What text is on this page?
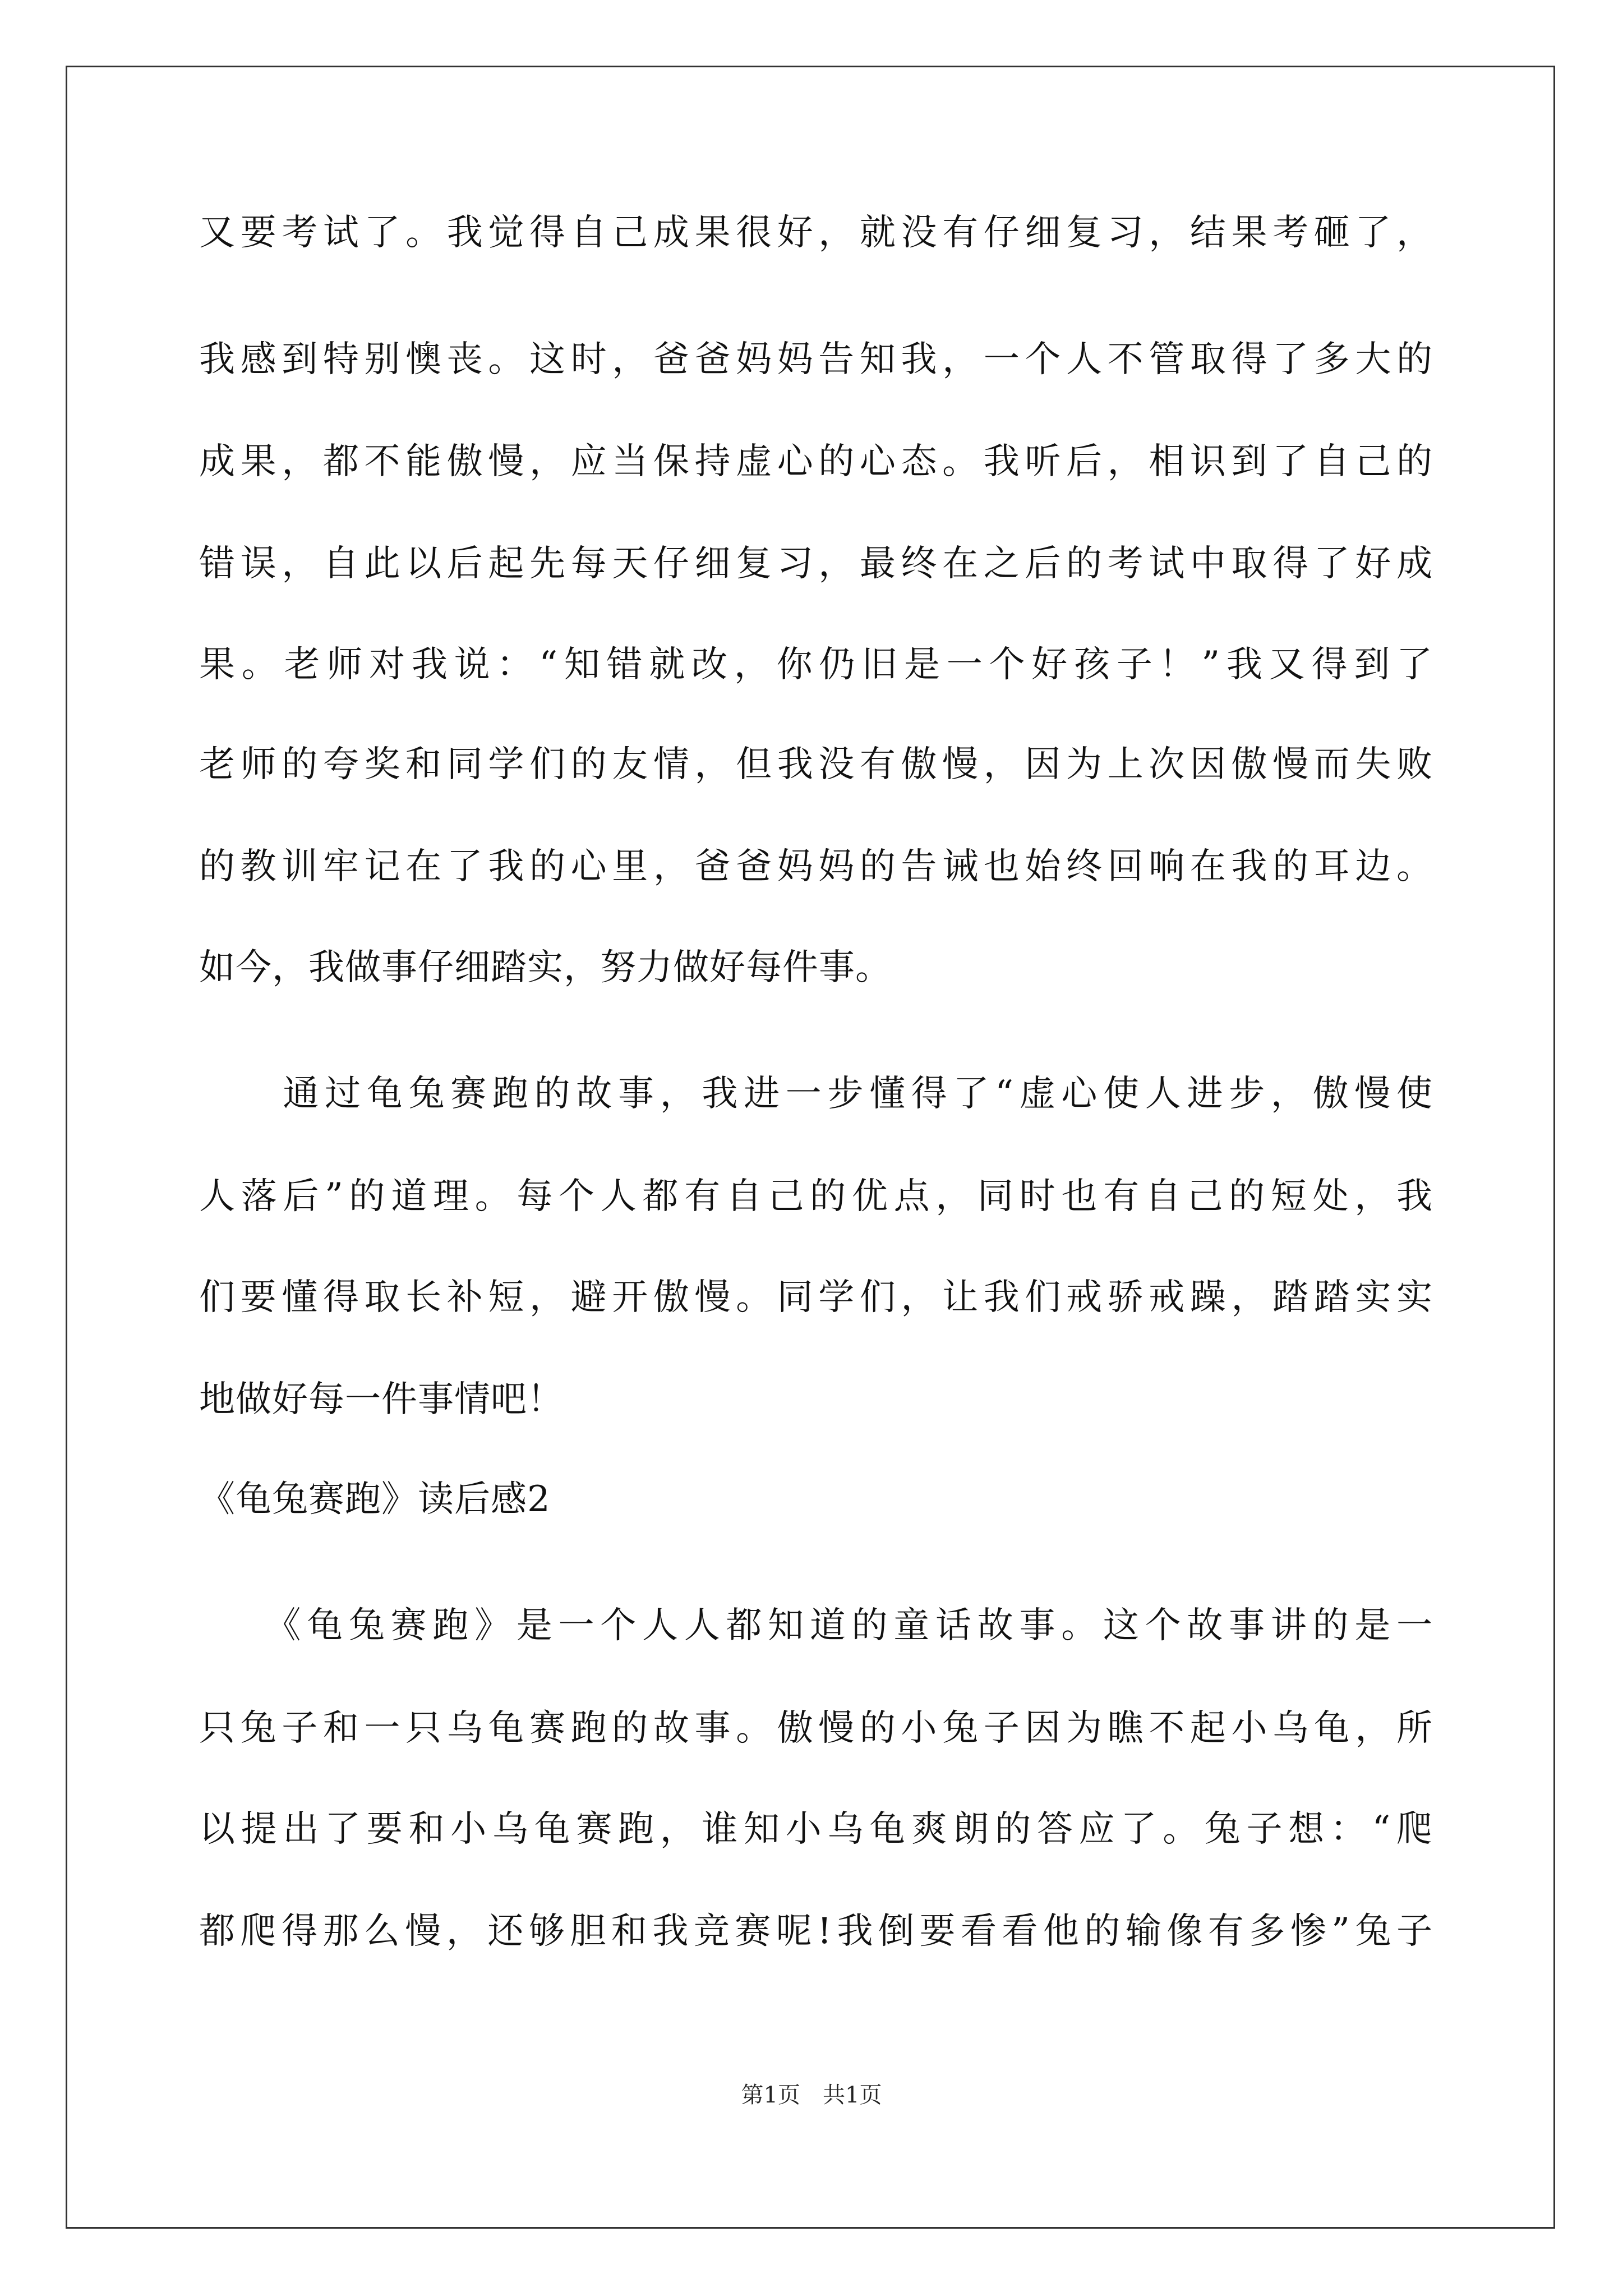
又要考试了。我觉得自己成果很好，就没有仔细复习，结果考砸了，
我感到特别懊丧。这时，爸爸妈妈告知我，一个人不管取得了多大的
成果，都不能傲慢，应当保持虚心的心态。我听后，相识到了自己的
错误，自此以后起先每天仔细复习，最终在之后的考试中取得了好成
果。老师对我说：“知错就改，你仍旧是一个好孩子！”我又得到了
老师的夸奖和同学们的友情，但我没有傲慢，因为上次因傲慢而失败
的教训牢记在了我的心里，爸爸妈妈的告诫也始终回响在我的耳边。
如今，我做事仔细踏实，努力做好每件事。
　　通过龟兔赛跑的故事，我进一步懂得了“虚心使人进步，傲慢使
人落后”的道理。每个人都有自己的优点，同时也有自己的短处，我
们要懂得取长补短，避开傲慢。同学们，让我们戒骄戒躁，踏踏实实
地做好每一件事情吧！
《龟兔赛跑》读后感2
　　《龟兔赛跑》是一个人人都知道的童话故事。这个故事讲的是一
只兔子和一只乌龟赛跑的故事。傲慢的小兔子因为瞧不起小乌龟，所
以提出了要和小乌龟赛跑，谁知小乌龟爽朗的答应了。兔子想：“爬
都爬得那么慢，还够胆和我竞赛呢!我倒要看看他的输像有多惨”兔子
第1页　共1页
